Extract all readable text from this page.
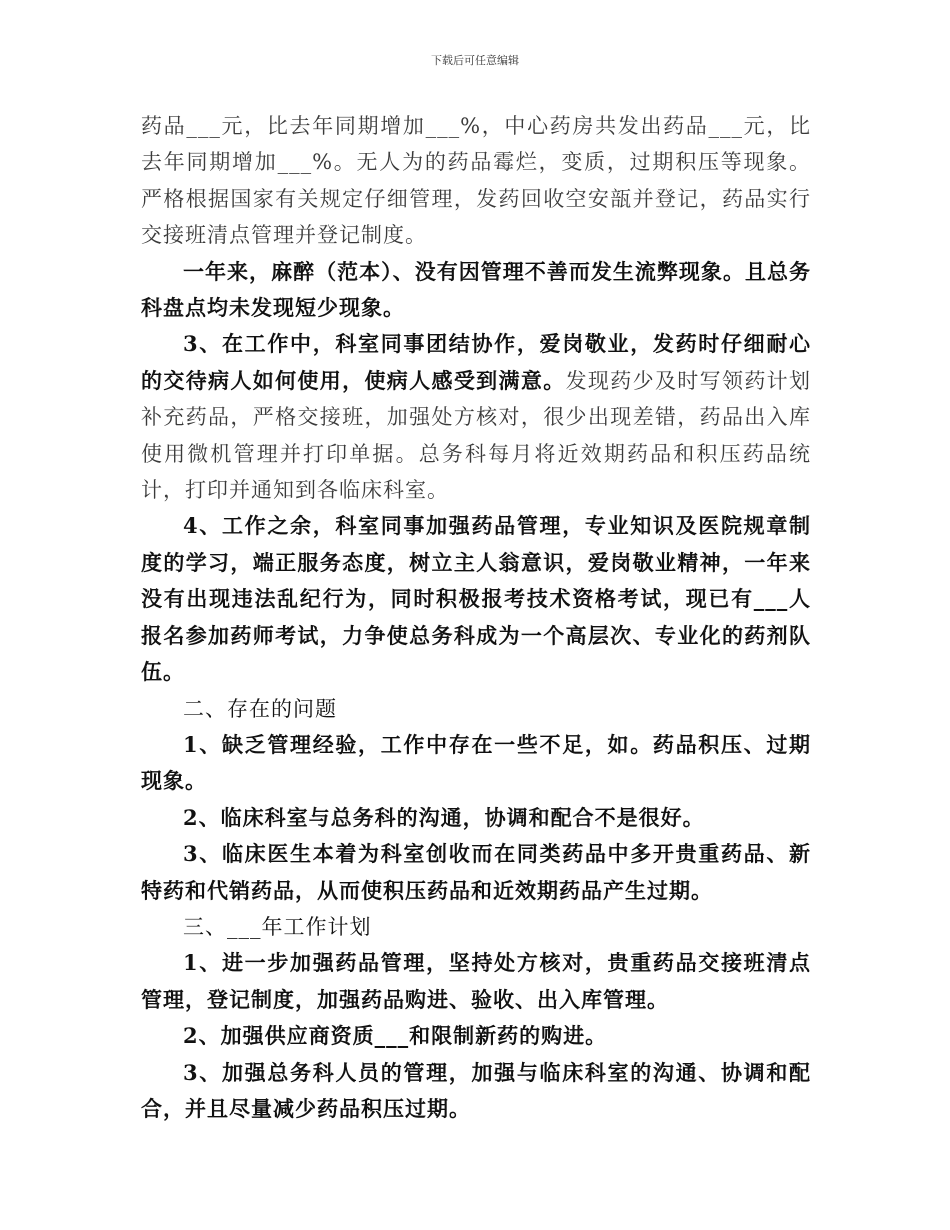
下载后可任意编辑

药品___元，比去年同期增加___%，中心药房共发出药品___元，比去年同期增加___%。无人为的药品霉烂，变质，过期积压等现象。严格根据国家有关规定仔细管理，发药回收空安瓿并登记，药品实行交接班清点管理并登记制度。

一年来，麻醉（范本）、没有因管理不善而发生流弊现象。且总务科盘点均未发现短少现象。

3、在工作中，科室同事团结协作，爱岗敬业，发药时仔细耐心的交待病人如何使用，使病人感受到满意。发现药少及时写领药计划补充药品，严格交接班，加强处方核对，很少出现差错，药品出入库使用微机管理并打印单据。总务科每月将近效期药品和积压药品统计，打印并通知到各临床科室。

4、工作之余，科室同事加强药品管理，专业知识及医院规章制度的学习，端正服务态度，树立主人翁意识，爱岗敬业精神，一年来没有出现违法乱纪行为，同时积极报考技术资格考试，现已有___人报名参加药师考试，力争使总务科成为一个高层次、专业化的药剂队伍。

二、存在的问题

1、缺乏管理经验，工作中存在一些不足，如。药品积压、过期现象。

2、临床科室与总务科的沟通，协调和配合不是很好。

3、临床医生本着为科室创收而在同类药品中多开贵重药品、新特药和代销药品，从而使积压药品和近效期药品产生过期。

三、___年工作计划

1、进一步加强药品管理，坚持处方核对，贵重药品交接班清点管理，登记制度，加强药品购进、验收、出入库管理。

2、加强供应商资质___和限制新药的购进。

3、加强总务科人员的管理，加强与临床科室的沟通、协调和配合，并且尽量减少药品积压过期。
